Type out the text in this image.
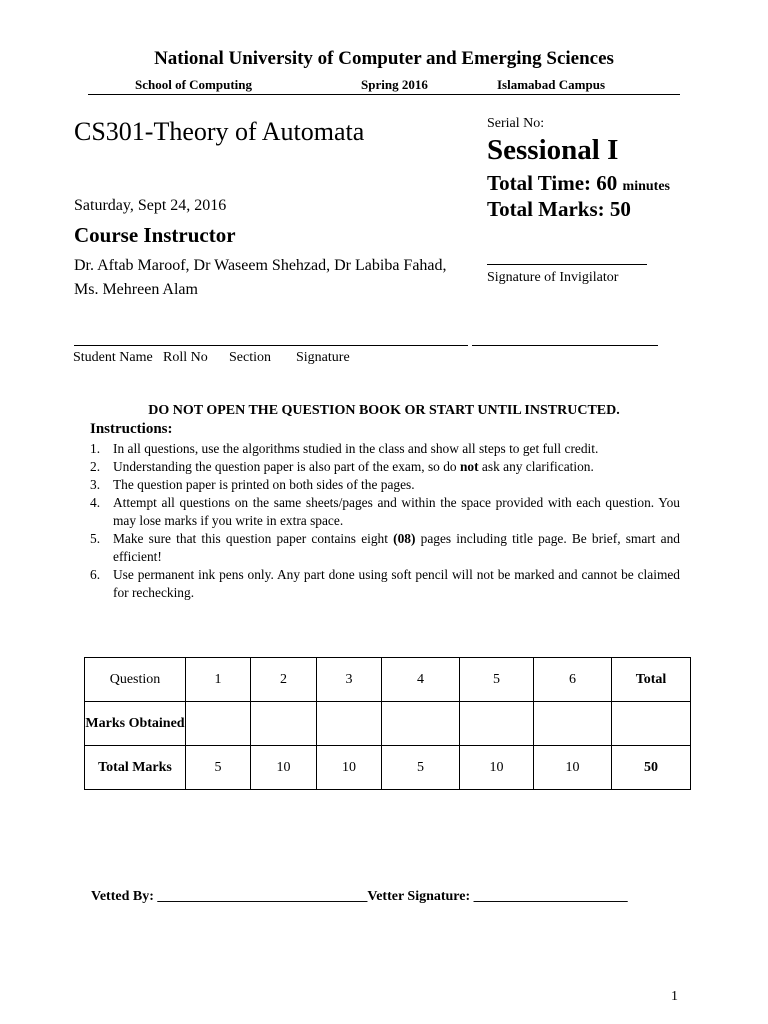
National University of Computer and Emerging Sciences
School of Computing	Spring 2016	Islamabad Campus
CS301-Theory of Automata
Saturday, Sept 24, 2016
Course Instructor
Dr. Aftab Maroof, Dr Waseem Shehzad, Dr Labiba Fahad, Ms. Mehreen Alam
Serial No:
Sessional I
Total Time: 60 minutes
Total Marks: 50
Signature of Invigilator
Student Name Roll No Section Signature
DO NOT OPEN THE QUESTION BOOK OR START UNTIL INSTRUCTED.
Instructions:
1. In all questions, use the algorithms studied in the class and show all steps to get full credit.
2. Understanding the question paper is also part of the exam, so do not ask any clarification.
3. The question paper is printed on both sides of the pages.
4. Attempt all questions on the same sheets/pages and within the space provided with each question. You may lose marks if you write in extra space.
5. Make sure that this question paper contains eight (08) pages including title page. Be brief, smart and efficient!
6. Use permanent ink pens only. Any part done using soft pencil will not be marked and cannot be claimed for rechecking.
Question	1	2	3	4	5	6	Total
Marks Obtained							
Total Marks	5	10	10	5	10	10	50
Vetted By: ______________________________Vetter Signature: ______________________
1
